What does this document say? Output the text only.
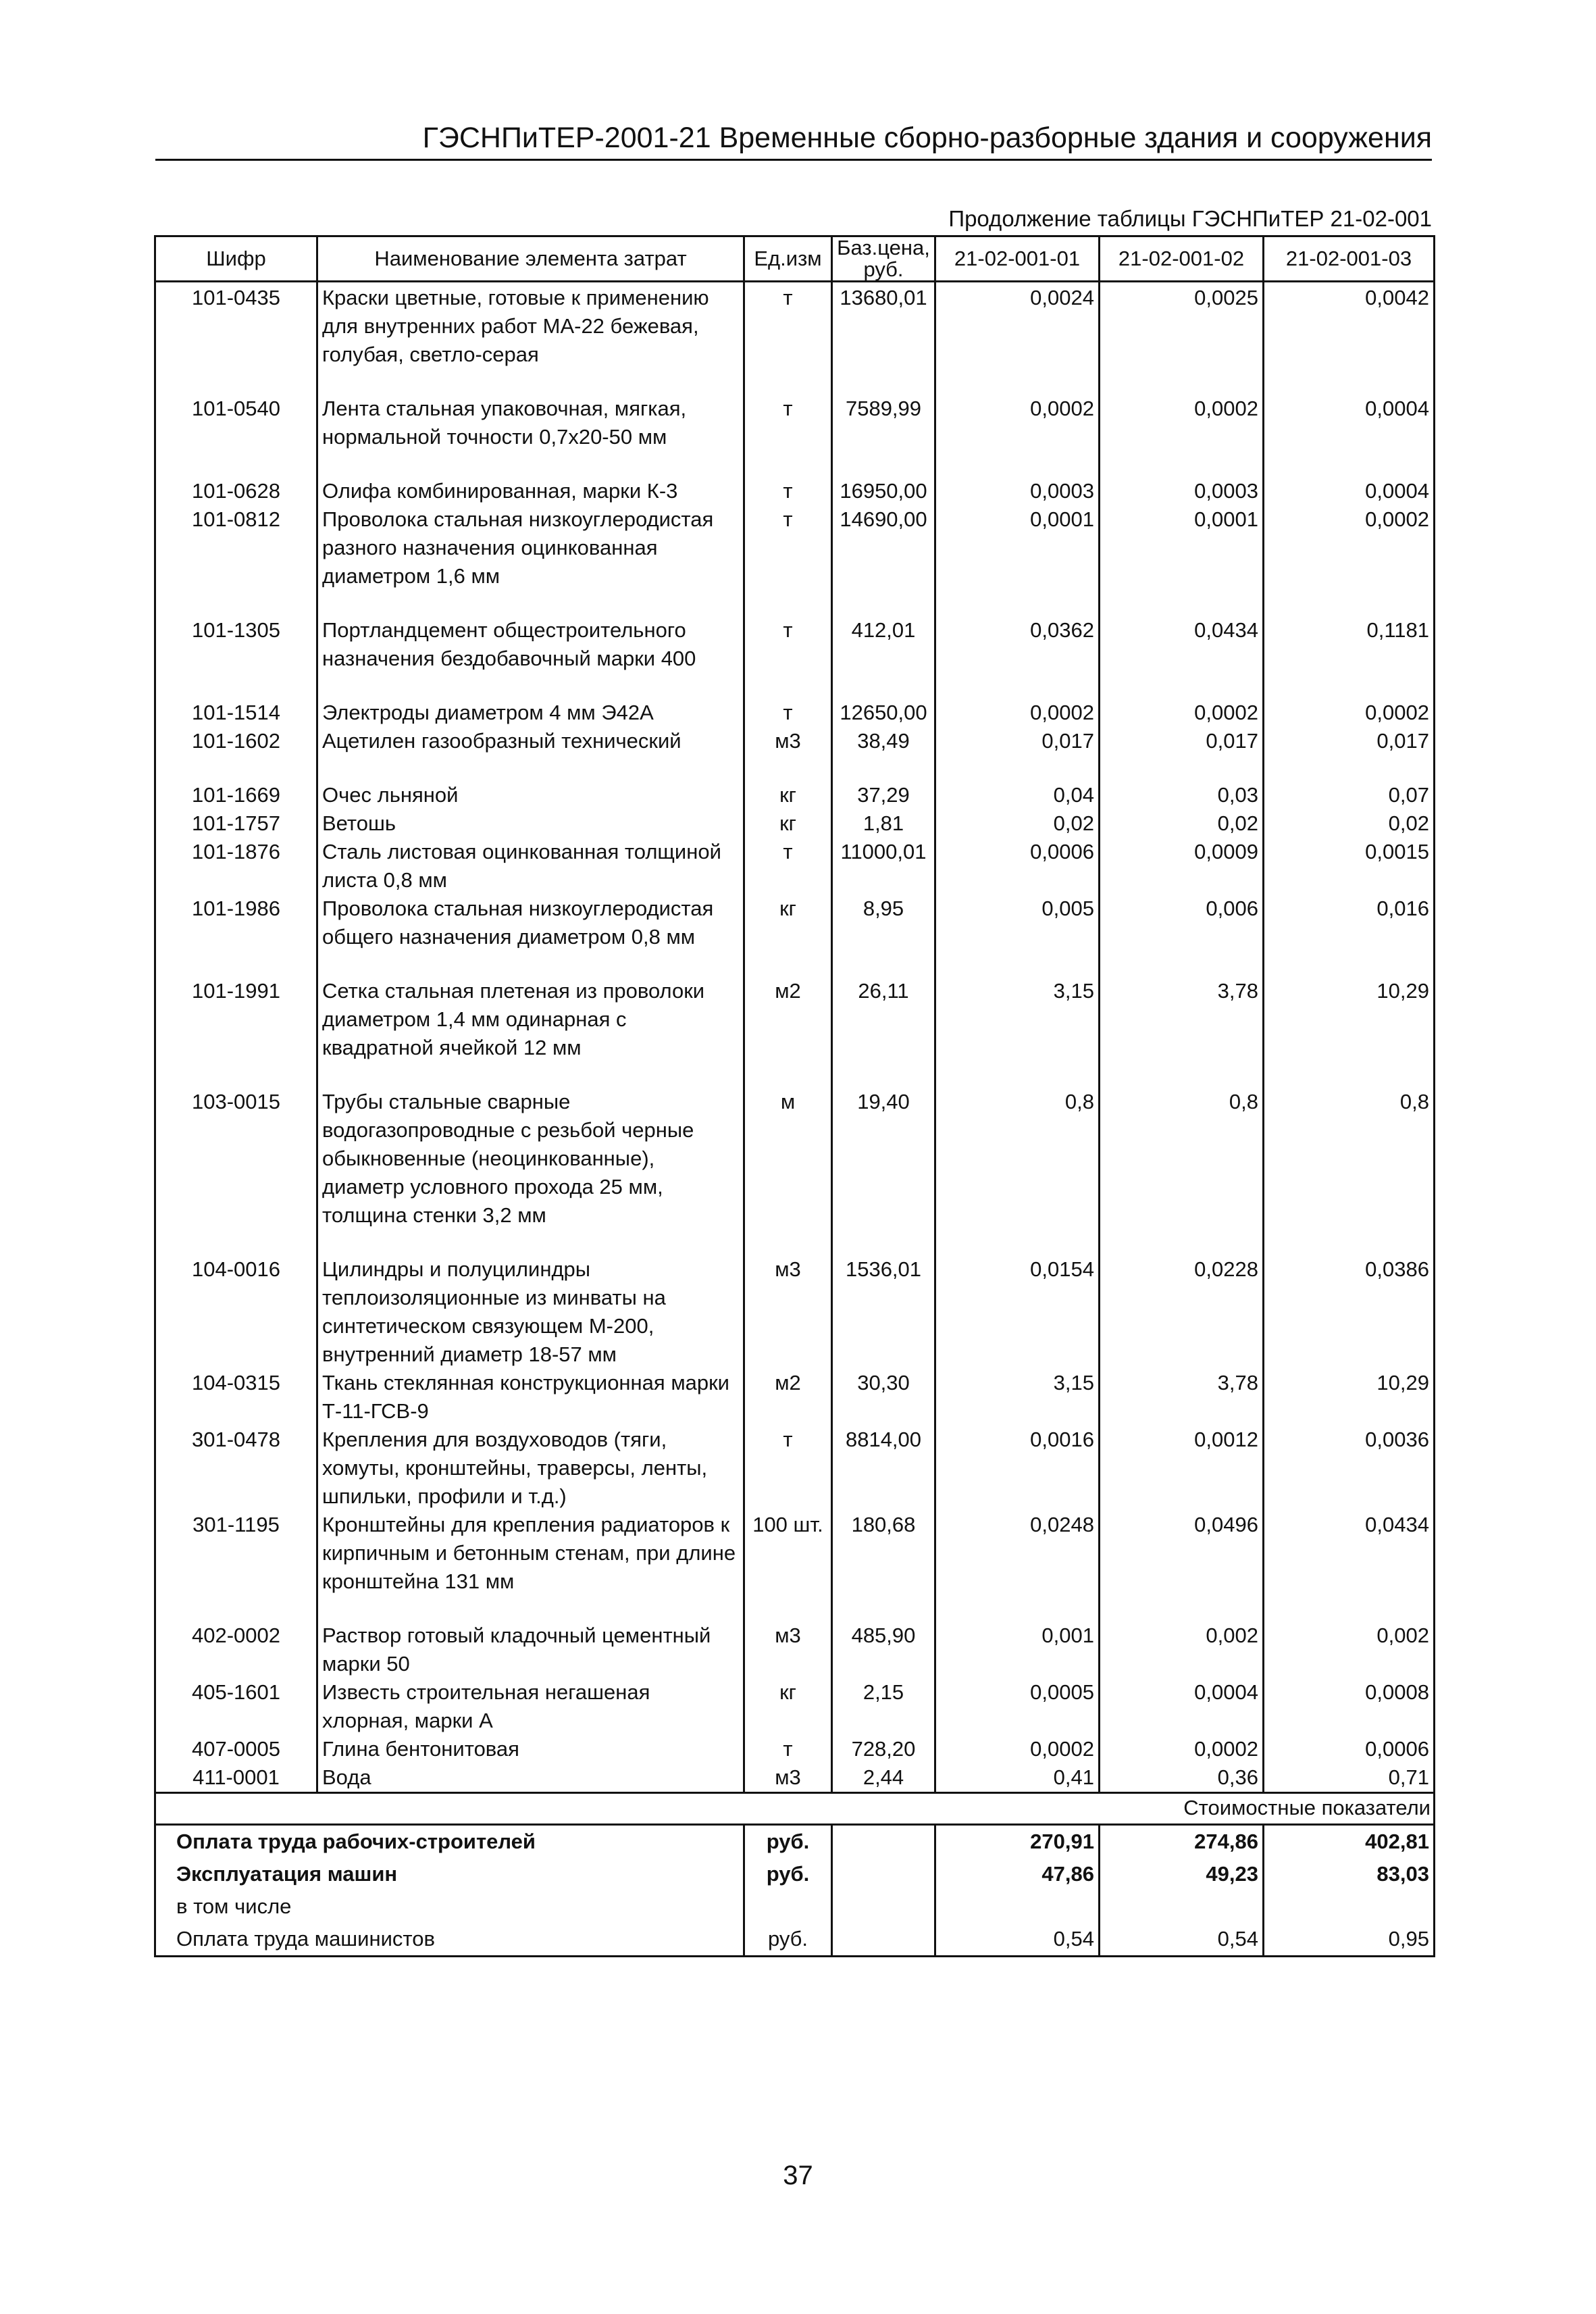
ГЭСНПиТЕР-2001-21 Временные сборно-разборные здания и сооружения
Продолжение таблицы ГЭСНПиТЕР 21-02-001
Шифр	Наименование элемента затрат	Ед.изм	Баз.цена, руб.	21-02-001-01	21-02-001-02	21-02-001-03
101-0435	Краски цветные, готовые к применению для внутренних работ МА-22 бежевая, голубая, светло-серая	т	13680,01	0,0024	0,0025	0,0042

101-0540	Лента стальная упаковочная, мягкая, нормальной точности 0,7х20-50 мм	т	7589,99	0,0002	0,0002	0,0004

101-0628	Олифа комбинированная, марки К-3	т	16950,00	0,0003	0,0003	0,0004
101-0812	Проволока стальная низкоуглеродистая разного назначения оцинкованная диаметром 1,6 мм	т	14690,00	0,0001	0,0001	0,0002

101-1305	Портландцемент общестроительного назначения бездобавочный марки 400	т	412,01	0,0362	0,0434	0,1181

101-1514	Электроды диаметром 4 мм Э42А	т	12650,00	0,0002	0,0002	0,0002
101-1602	Ацетилен газообразный технический	м3	38,49	0,017	0,017	0,017

101-1669	Очес льняной	кг	37,29	0,04	0,03	0,07
101-1757	Ветошь	кг	1,81	0,02	0,02	0,02
101-1876	Сталь листовая оцинкованная толщиной листа 0,8 мм	т	11000,01	0,0006	0,0009	0,0015
101-1986	Проволока стальная низкоуглеродистая общего назначения диаметром 0,8 мм	кг	8,95	0,005	0,006	0,016

101-1991	Сетка стальная плетеная из проволоки диаметром 1,4 мм одинарная с квадратной ячейкой 12 мм	м2	26,11	3,15	3,78	10,29

103-0015	Трубы стальные сварные водогазопроводные с резьбой черные обыкновенные (неоцинкованные), диаметр условного прохода 25 мм, толщина стенки 3,2 мм	м	19,40	0,8	0,8	0,8

104-0016	Цилиндры и полуцилиндры теплоизоляционные из минваты на синтетическом связующем М-200, внутренний диаметр 18-57 мм	м3	1536,01	0,0154	0,0228	0,0386
104-0315	Ткань стеклянная конструкционная марки Т-11-ГСВ-9	м2	30,30	3,15	3,78	10,29
301-0478	Крепления для воздуховодов (тяги, хомуты, кронштейны, траверсы, ленты, шпильки, профили и т.д.)	т	8814,00	0,0016	0,0012	0,0036
301-1195	Кронштейны для крепления радиаторов к кирпичным и бетонным стенам, при длине кронштейна 131 мм	100 шт.	180,68	0,0248	0,0496	0,0434

402-0002	Раствор готовый кладочный цементный марки 50	м3	485,90	0,001	0,002	0,002
405-1601	Известь строительная негашеная хлорная, марки А	кг	2,15	0,0005	0,0004	0,0008
407-0005	Глина бентонитовая	т	728,20	0,0002	0,0002	0,0006
411-0001	Вода	м3	2,44	0,41	0,36	0,71
Стоимостные показатели						
Оплата труда рабочих-строителей		руб.		270,91	274,86	402,81
Эксплуатация машин		руб.		47,86	49,23	83,03
в том числе						
Оплата труда машинистов		руб.		0,54	0,54	0,95
37
